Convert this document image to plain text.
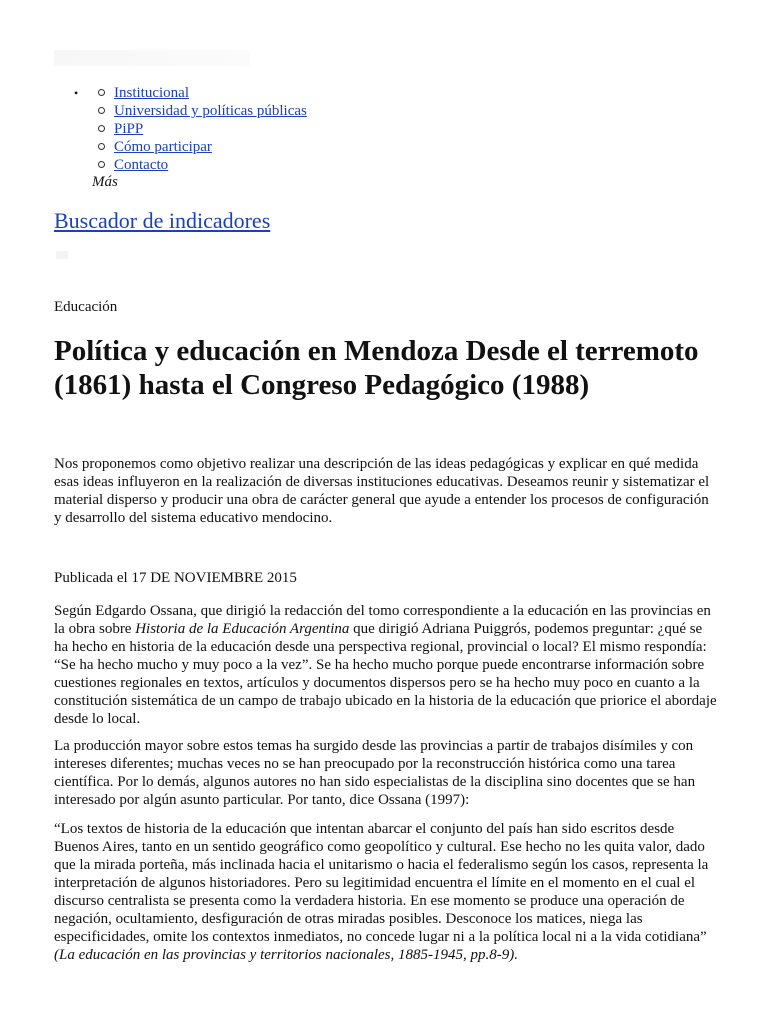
• Institucional
Universidad y políticas públicas
PiPP
Cómo participar
Contacto
Más
Buscador de indicadores
Educación
Política y educación en Mendoza Desde el terremoto (1861) hasta el Congreso Pedagógico (1988)

Nos proponemos como objetivo realizar una descripción de las ideas pedagógicas y explicar en qué medida esas ideas influyeron en la realización de diversas instituciones educativas. Deseamos reunir y sistematizar el material disperso y producir una obra de carácter general que ayude a entender los procesos de configuración y desarrollo del sistema educativo mendocino.

Publicada el 17 DE NOVIEMBRE 2015

Según Edgardo Ossana, que dirigió la redacción del tomo correspondiente a la educación en las provincias en la obra sobre Historia de la Educación Argentina que dirigió Adriana Puiggrós, podemos preguntar: ¿qué se ha hecho en historia de la educación desde una perspectiva regional, provincial o local? El mismo respondía: “Se ha hecho mucho y muy poco a la vez”. Se ha hecho mucho porque puede encontrarse información sobre cuestiones regionales en textos, artículos y documentos dispersos pero se ha hecho muy poco en cuanto a la constitución sistemática de un campo de trabajo ubicado en la historia de la educación que priorice el abordaje desde lo local.

La producción mayor sobre estos temas ha surgido desde las provincias a partir de trabajos disímiles y con intereses diferentes; muchas veces no se han preocupado por la reconstrucción histórica como una tarea científica. Por lo demás, algunos autores no han sido especialistas de la disciplina sino docentes que se han interesado por algún asunto particular. Por tanto, dice Ossana (1997):

“Los textos de historia de la educación que intentan abarcar el conjunto del país han sido escritos desde Buenos Aires, tanto en un sentido geográfico como geopolítico y cultural. Ese hecho no les quita valor, dado que la mirada porteña, más inclinada hacia el unitarismo o hacia el federalismo según los casos, representa la interpretación de algunos historiadores. Pero su legitimidad encuentra el límite en el momento en el cual el discurso centralista se presenta como la verdadera historia. En ese momento se produce una operación de negación, ocultamiento, desfiguración de otras miradas posibles. Desconoce los matices, niega las especificidades, omite los contextos inmediatos, no concede lugar ni a la política local ni a la vida cotidiana” (La educación en las provincias y territorios nacionales, 1885-1945, pp.8-9).
